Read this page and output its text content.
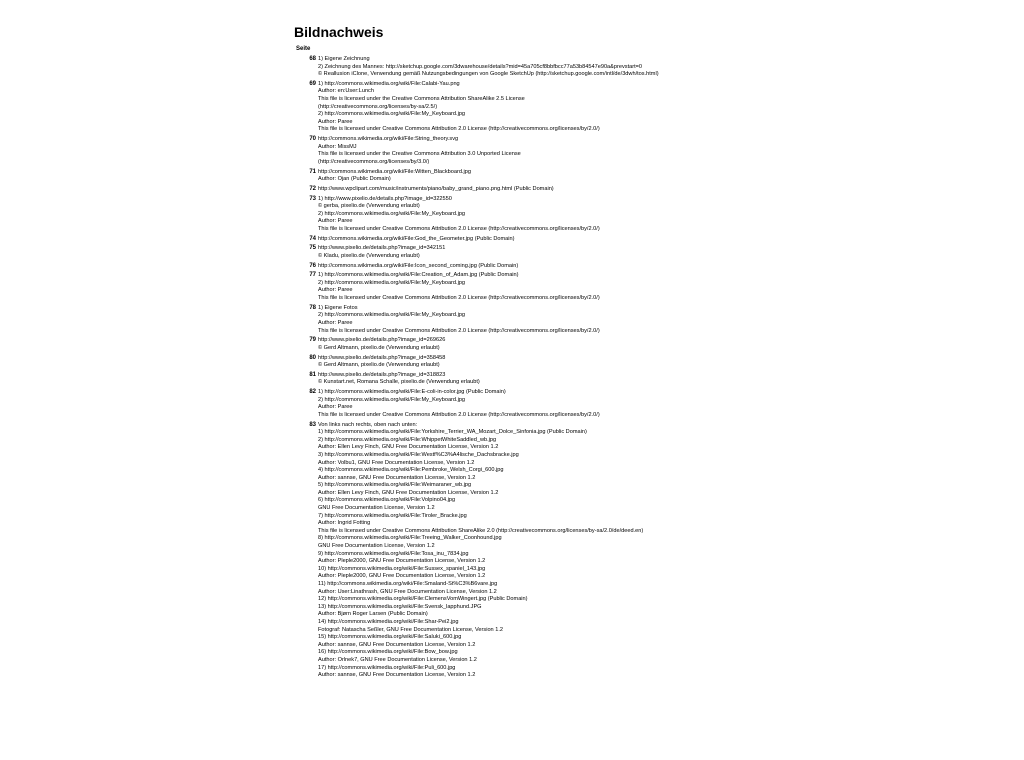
Bildnachweis
Seite
68 1) Eigene Zeichnung
2) Zeichnung des Mannes: http://sketchup.google.com/3dwarehouse/details?mid=45a705cf8bbfbcc77a53b84547e90a&prevstart=0
© Reallusion iClone, Verwendung gemäß Nutzungsbedingungen von Google SketchUp (http://sketchup.google.com/intl/de/3dwh/tos.html)
69 1) http://commons.wikimedia.org/wiki/File:Calabi-Yau.png
Author: en:User:Lunch
This file is licensed under the Creative Commons Attribution ShareAlike 2.5 License
(http://creativecommons.org/licenses/by-sa/2.5/)
2) http://commons.wikimedia.org/wiki/File:My_Keyboard.jpg
Author: Paree
This file is licensed under Creative Commons Attribution 2.0 License (http://creativecommons.org/licenses/by/2.0/)
70 http://commons.wikimedia.org/wiki/File:String_theory.svg
Author: MissMJ
This file is licensed under the Creative Commons Attribution 3.0 Unported License
(http://creativecommons.org/licenses/by/3.0/)
71 http://commons.wikimedia.org/wiki/File:Witten_Blackboard.jpg
Author: Ojan (Public Domain)
72 http://www.wpclipart.com/music/instruments/piano/baby_grand_piano.png.html (Public Domain)
73 1) http://www.pixelio.de/details.php?image_id=322550
© gerba, pixelio.de (Verwendung erlaubt)
2) http://commons.wikimedia.org/wiki/File:My_Keyboard.jpg
Author: Paree
This file is licensed under Creative Commons Attribution 2.0 License (http://creativecommons.org/licenses/by/2.0/)
74 http://commons.wikimedia.org/wiki/File:God_the_Geometer.jpg (Public Domain)
75 http://www.pixelio.de/details.php?image_id=342151
© Kladu, pixelio.de (Verwendung erlaubt)
76 http://commons.wikimedia.org/wiki/File:Icon_second_coming.jpg (Public Domain)
77 1) http://commons.wikimedia.org/wiki/File:Creation_of_Adam.jpg (Public Domain)
2) http://commons.wikimedia.org/wiki/File:My_Keyboard.jpg
Author: Paree
This file is licensed under Creative Commons Attribution 2.0 License (http://creativecommons.org/licenses/by/2.0/)
78 1) Eigene Fotos
2) http://commons.wikimedia.org/wiki/File:My_Keyboard.jpg
Author: Paree
This file is licensed under Creative Commons Attribution 2.0 License (http://creativecommons.org/licenses/by/2.0/)
79 http://www.pixelio.de/details.php?image_id=269626
© Gerd Altmann, pixelio.de (Verwendung erlaubt)
80 http://www.pixelio.de/details.php?image_id=358458
© Gerd Altmann, pixelio.de (Verwendung erlaubt)
81 http://www.pixelio.de/details.php?image_id=318823
© Kunstart.net, Romana Schalle, pixelio.de (Verwendung erlaubt)
82 1) http://commons.wikimedia.org/wiki/File:E-coli-in-color.jpg (Public Domain)
2) http://commons.wikimedia.org/wiki/File:My_Keyboard.jpg
Author: Paree
This file is licensed under Creative Commons Attribution 2.0 License (http://creativecommons.org/licenses/by/2.0/)
83 Von links nach rechts, oben nach unten:
1) http://commons.wikimedia.org/wiki/File:Yorkshire_Terrier_WA_Mozart_Dolce_Sinfonia.jpg (Public Domain)
2) http://commons.wikimedia.org/wiki/File:WhippetWhiteSaddled_wb.jpg
Author: Ellen Levy Finch, GNU Free Documentation License, Version 1.2
3) http://commons.wikimedia.org/wiki/File:Westf%C3%A4lische_Dachsbracke.jpg
Author: Volbu1, GNU Free Documentation License, Version 1.2
4) http://commons.wikimedia.org/wiki/File:Pembroke_Welsh_Corgi_600.jpg
Author: sannse, GNU Free Documentation License, Version 1.2
5) http://commons.wikimedia.org/wiki/File:Weimaraner_wb.jpg
Author: Ellen Levy Finch, GNU Free Documentation License, Version 1.2
6) http://commons.wikimedia.org/wiki/File:Volpino04.jpg
GNU Free Documentation License, Version 1.2
7) http://commons.wikimedia.org/wiki/File:Tiroler_Bracke.jpg
Author: Ingrid Fotting
This file is licensed under Creative Commons Attribution ShareAlike 2.0 (http://creativecommons.org/licenses/by-sa/2.0/de/deed.en)
8) http://commons.wikimedia.org/wiki/File:Treeing_Walker_Coonhound.jpg
GNU Free Documentation License, Version 1.2
9) http://commons.wikimedia.org/wiki/File:Tosa_inu_7834.jpg
Author: Pleple2000, GNU Free Documentation License, Version 1.2
10) http://commons.wikimedia.org/wiki/File:Sussex_spaniel_143.jpg
Author: Pleple2000, GNU Free Documentation License, Version 1.2
11) http://commons.wikimedia.org/wiki/File:Smaland-St%C3%B6vare.jpg
Author: User:Linathrash, GNU Free Documentation License, Version 1.2
12) http://commons.wikimedia.org/wiki/File:ClemensVomWingert.jpg (Public Domain)
13) http://commons.wikimedia.org/wiki/File:Svensk_lapphund.JPG
Author: Bjørn Roger Larsen (Public Domain)
14) http://commons.wikimedia.org/wiki/File:Shar-Pei2.jpg
Fotograf: Natascha Seßler, GNU Free Documentation License, Version 1.2
15) http://commons.wikimedia.org/wiki/File:Saluki_600.jpg
Author: sannse, GNU Free Documentation License, Version 1.2
16) http://commons.wikimedia.org/wiki/File:Bow_bow.jpg
Author: Orlnek7, GNU Free Documentation License, Version 1.2
17) http://commons.wikimedia.org/wiki/File:Puli_600.jpg
Author: sannse, GNU Free Documentation License, Version 1.2
